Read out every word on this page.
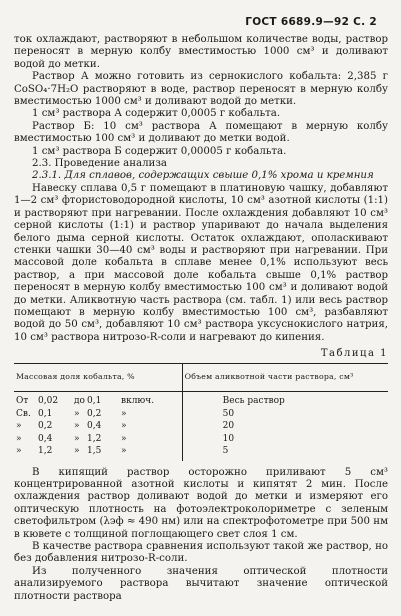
ГОСТ 6689.9—92 С. 2

ток охлаждают, растворяют в небольшом количестве воды, раствор переносят в мерную колбу вместимостью 1000 см³ и доливают водой до метки.

Раствор А можно готовить из сернокислого кобальта: 2,385 г CoSO₄·7H₂O растворяют в воде, раствор переносят в мерную колбу вместимостью 1000 см³ и доливают водой до метки.

1 см³ раствора А содержит 0,0005 г кобальта.

Раствор Б: 10 см³ раствора А помещают в мерную колбу вместимостью 100 см³ и доливают до метки водой.

1 см³ раствора Б содержит 0,00005 г кобальта.

2.3. Проведение анализа

2.3.1. Для сплавов, содержащих свыше 0,1% хрома и кремния

Навеску сплава 0,5 г помещают в платиновую чашку, добавляют 1—2 см³ фтористоводородной кислоты, 10 см³ азотной кислоты (1:1) и растворяют при нагревании. После охлаждения добавляют 10 см³ серной кислоты (1:1) и раствор упаривают до начала выделения белого дыма серной кислоты. Остаток охлаждают, ополаскивают стенки чашки 30—40 см³ воды и растворяют при нагревании. При массовой доле кобальта в сплаве менее 0,1% используют весь раствор, а при массовой доле кобальта свыше 0,1% раствор переносят в мерную колбу вместимостью 100 см³ и доливают водой до метки. Аликвотную часть раствора (см. табл. 1) или весь раствор помещают в мерную колбу вместимостью 100 см³, разбавляют водой до 50 см³, добавляют 10 см³ раствора уксуснокислого натрия, 10 см³ раствора нитрозо-R-соли и нагревают до кипения.

Таблица 1
Массовая доля кобальта, %	Объем аликвотной части раствора, см³

От 0,02 до 0,1 включ.	Весь раствор

Св. 0,1 » 0,2 »	50

» 0,2 » 0,4 »	20

» 0,4 » 1,2 »	10

» 1,2 » 1,5 »	5

В кипящий раствор осторожно приливают 5 см³ концентрированной азотной кислоты и кипятят 2 мин. После охлаждения раствор доливают водой до метки и измеряют его оптическую плотность на фотоэлектроколориметре с зеленым светофильтром (λэф ≈ 490 нм) или на спектрофотометре при 500 нм в кювете с толщиной поглощающего свет слоя 1 см.

В качестве раствора сравнения используют такой же раствор, но без добавления нитрозо-R-соли.

Из полученного значения оптической плотности анализируемого раствора вычитают значение оптической плотности раствора
